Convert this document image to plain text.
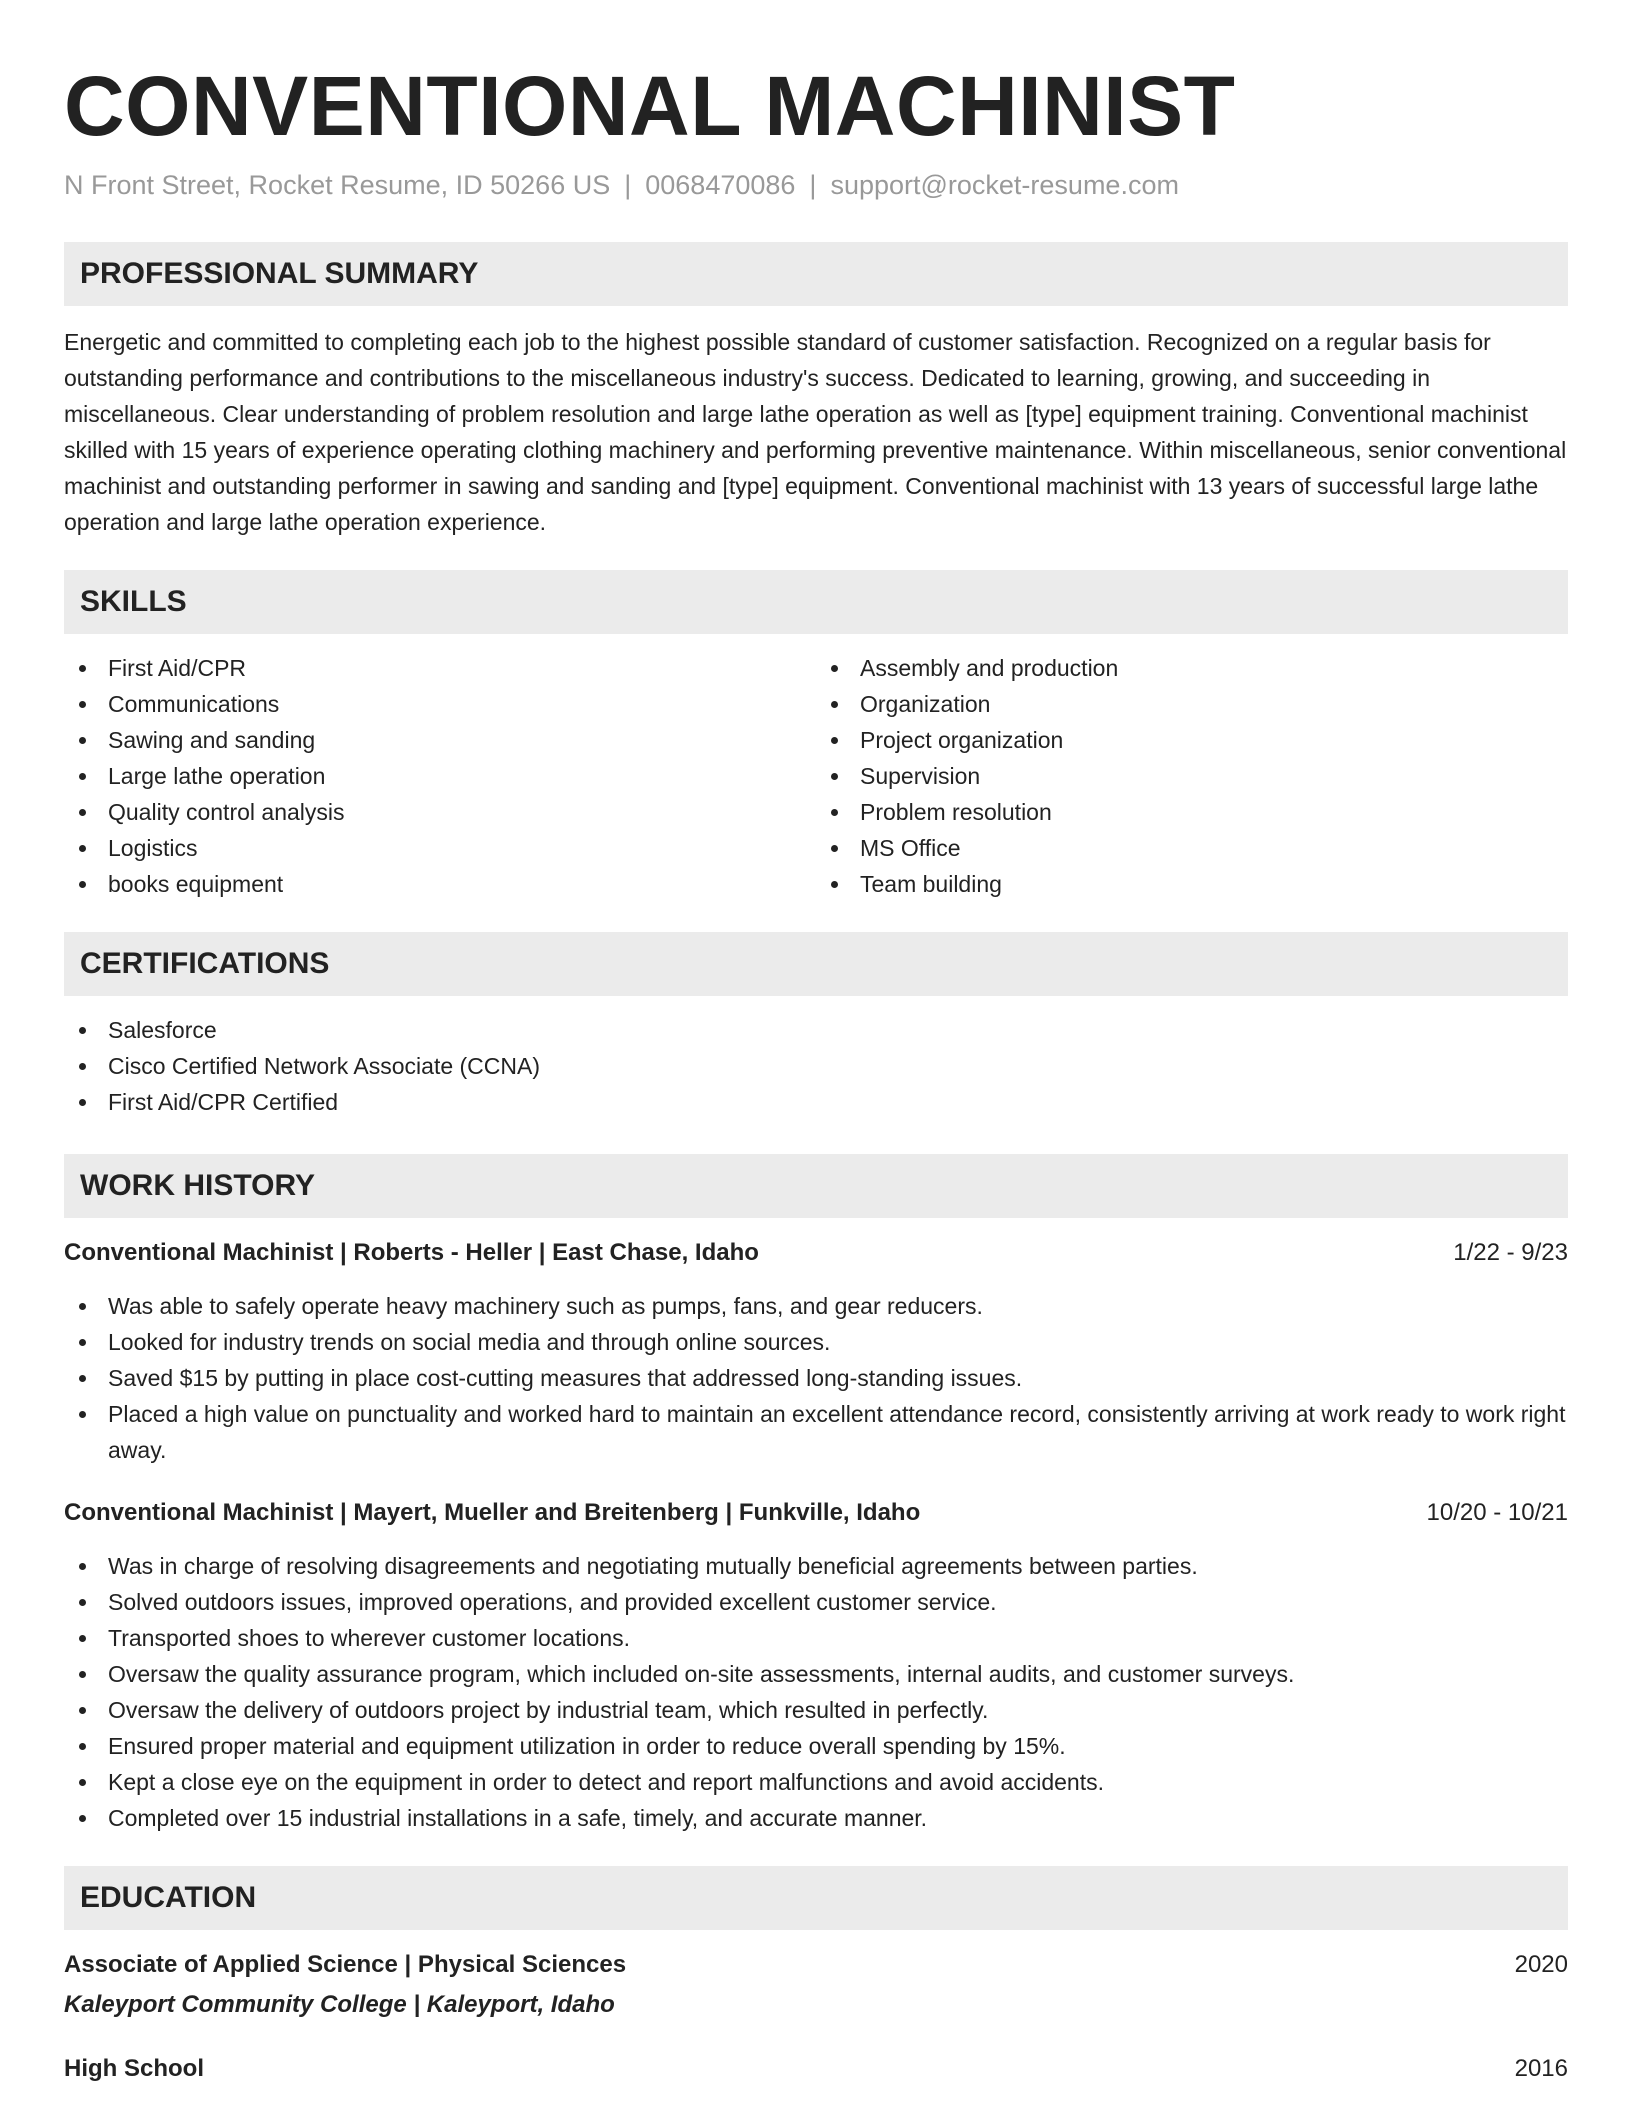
CONVENTIONAL MACHINIST
N Front Street, Rocket Resume, ID 50266 US | 0068470086 | support@rocket-resume.com
PROFESSIONAL SUMMARY
Energetic and committed to completing each job to the highest possible standard of customer satisfaction. Recognized on a regular basis for outstanding performance and contributions to the miscellaneous industry's success. Dedicated to learning, growing, and succeeding in miscellaneous. Clear understanding of problem resolution and large lathe operation as well as [type] equipment training. Conventional machinist skilled with 15 years of experience operating clothing machinery and performing preventive maintenance. Within miscellaneous, senior conventional machinist and outstanding performer in sawing and sanding and [type] equipment. Conventional machinist with 13 years of successful large lathe operation and large lathe operation experience.
SKILLS
First Aid/CPR
Communications
Sawing and sanding
Large lathe operation
Quality control analysis
Logistics
books equipment
Assembly and production
Organization
Project organization
Supervision
Problem resolution
MS Office
Team building
CERTIFICATIONS
Salesforce
Cisco Certified Network Associate (CCNA)
First Aid/CPR Certified
WORK HISTORY
Conventional Machinist | Roberts - Heller | East Chase, Idaho	1/22 - 9/23
Was able to safely operate heavy machinery such as pumps, fans, and gear reducers.
Looked for industry trends on social media and through online sources.
Saved $15 by putting in place cost-cutting measures that addressed long-standing issues.
Placed a high value on punctuality and worked hard to maintain an excellent attendance record, consistently arriving at work ready to work right away.
Conventional Machinist | Mayert, Mueller and Breitenberg | Funkville, Idaho	10/20 - 10/21
Was in charge of resolving disagreements and negotiating mutually beneficial agreements between parties.
Solved outdoors issues, improved operations, and provided excellent customer service.
Transported shoes to wherever customer locations.
Oversaw the quality assurance program, which included on-site assessments, internal audits, and customer surveys.
Oversaw the delivery of outdoors project by industrial team, which resulted in perfectly.
Ensured proper material and equipment utilization in order to reduce overall spending by 15%.
Kept a close eye on the equipment in order to detect and report malfunctions and avoid accidents.
Completed over 15 industrial installations in a safe, timely, and accurate manner.
EDUCATION
Associate of Applied Science | Physical Sciences	2020
Kaleyport Community College | Kaleyport, Idaho
High School	2016
